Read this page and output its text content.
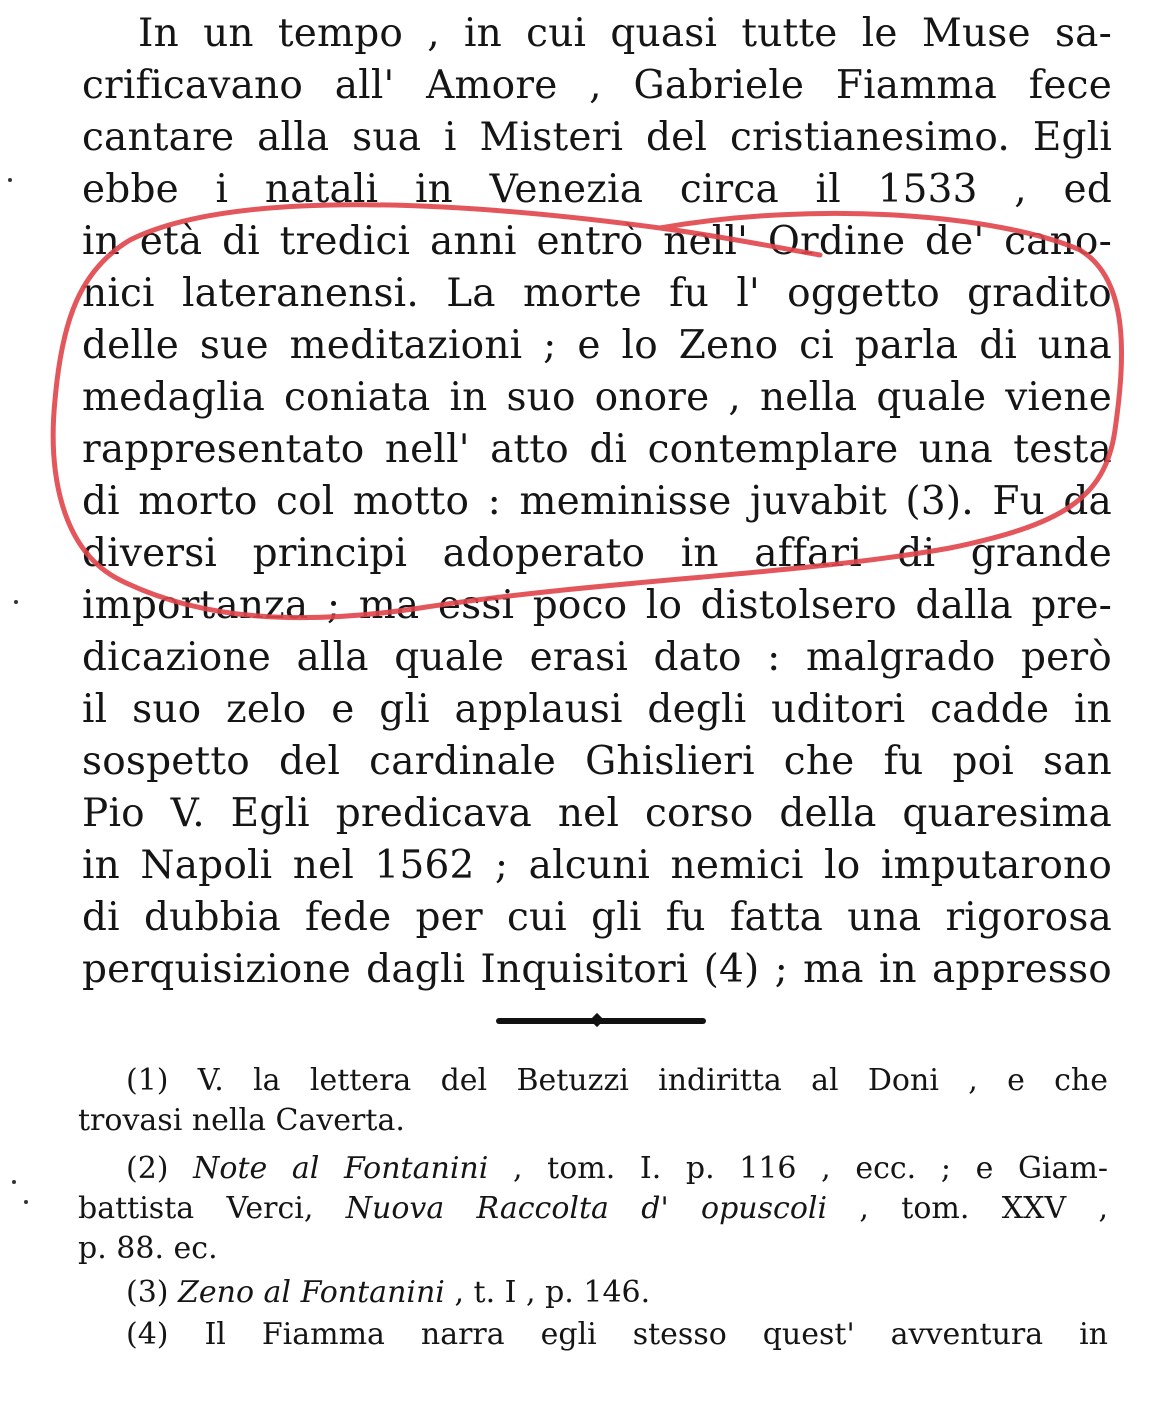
In un tempo , in cui quasi tutte le Muse sa-
crificavano all' Amore , Gabriele Fiamma fece
cantare alla sua i Misteri del cristianesimo. Egli
ebbe i natali in Venezia circa il 1533 , ed
in età di tredici anni entrò nell' Ordine de' cano-
nici lateranensi. La morte fu l' oggetto gradito
delle sue meditazioni ; e lo Zeno ci parla di una
medaglia coniata in suo onore , nella quale viene
rappresentato nell' atto di contemplare una testa
di morto col motto : meminisse juvabit (3). Fu da
diversi principi adoperato in affari di grande
importanza ; ma essi poco lo distolsero dalla pre-
dicazione alla quale erasi dato : malgrado però
il suo zelo e gli applausi degli uditori cadde in
sospetto del cardinale Ghislieri che fu poi san
Pio V. Egli predicava nel corso della quaresima
in Napoli nel 1562 ; alcuni nemici lo imputarono
di dubbia fede per cui gli fu fatta una rigorosa
perquisizione dagli Inquisitori (4) ; ma in appresso
(1) V. la lettera del Betuzzi indiritta al Doni , e che
trovasi nella Caverta.
(2) Note al Fontanini , tom. I. p. 116 , ecc. ; e Giam-
battista Verci, Nuova Raccolta d' opuscoli , tom. XXV ,
p. 88. ec.
(3) Zeno al Fontanini , t. I , p. 146.
(4) Il Fiamma narra egli stesso quest' avventura in
